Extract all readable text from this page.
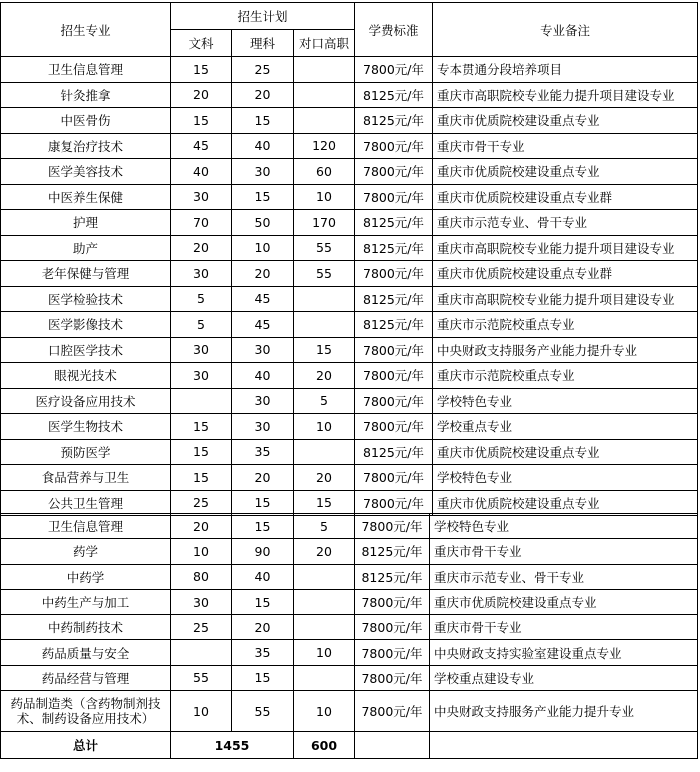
招生专业	招生计划			学费标准	专业备注
	文科	理科	对口高职		
卫生信息管理	15	25		7800元/年	专本贯通分段培养项目
针灸推拿	20	20		8125元/年	重庆市高职院校专业能力提升项目建设专业
中医骨伤	15	15		8125元/年	重庆市优质院校建设重点专业
康复治疗技术	45	40	120	7800元/年	重庆市骨干专业
医学美容技术	40	30	60	7800元/年	重庆市优质院校建设重点专业
中医养生保健	30	15	10	7800元/年	重庆市优质院校建设重点专业群
护理	70	50	170	8125元/年	重庆市示范专业、骨干专业
助产	20	10	55	8125元/年	重庆市高职院校专业能力提升项目建设专业
老年保健与管理	30	20	55	7800元/年	重庆市优质院校建设重点专业群
医学检验技术	5	45		8125元/年	重庆市高职院校专业能力提升项目建设专业
医学影像技术	5	45		8125元/年	重庆市示范院校重点专业
口腔医学技术	30	30	15	7800元/年	中央财政支持服务产业能力提升专业
眼视光技术	30	40	20	7800元/年	重庆市示范院校重点专业
医疗设备应用技术		30	5	7800元/年	学校特色专业
医学生物技术	15	30	10	7800元/年	学校重点专业
预防医学	15	35		8125元/年	重庆市优质院校建设重点专业
食品营养与卫生	15	20	20	7800元/年	学校特色专业
公共卫生管理	25	15	15	7800元/年	重庆市优质院校建设重点专业
卫生信息管理	20	15	5	7800元/年	学校特色专业
药学	10	90	20	8125元/年	重庆市骨干专业
中药学	80	40		8125元/年	重庆市示范专业、骨干专业
中药生产与加工	30	15		7800元/年	重庆市优质院校建设重点专业
中药制药技术	25	20		7800元/年	重庆市骨干专业
药品质量与安全		35	10	7800元/年	中央财政支持实验室建设重点专业
药品经营与管理	55	15		7800元/年	学校重点建设专业
药品制造类（含药物制剂技术、制药设备应用技术）	10	55	10	7800元/年	中央财政支持服务产业能力提升专业
总计	1455		600		
